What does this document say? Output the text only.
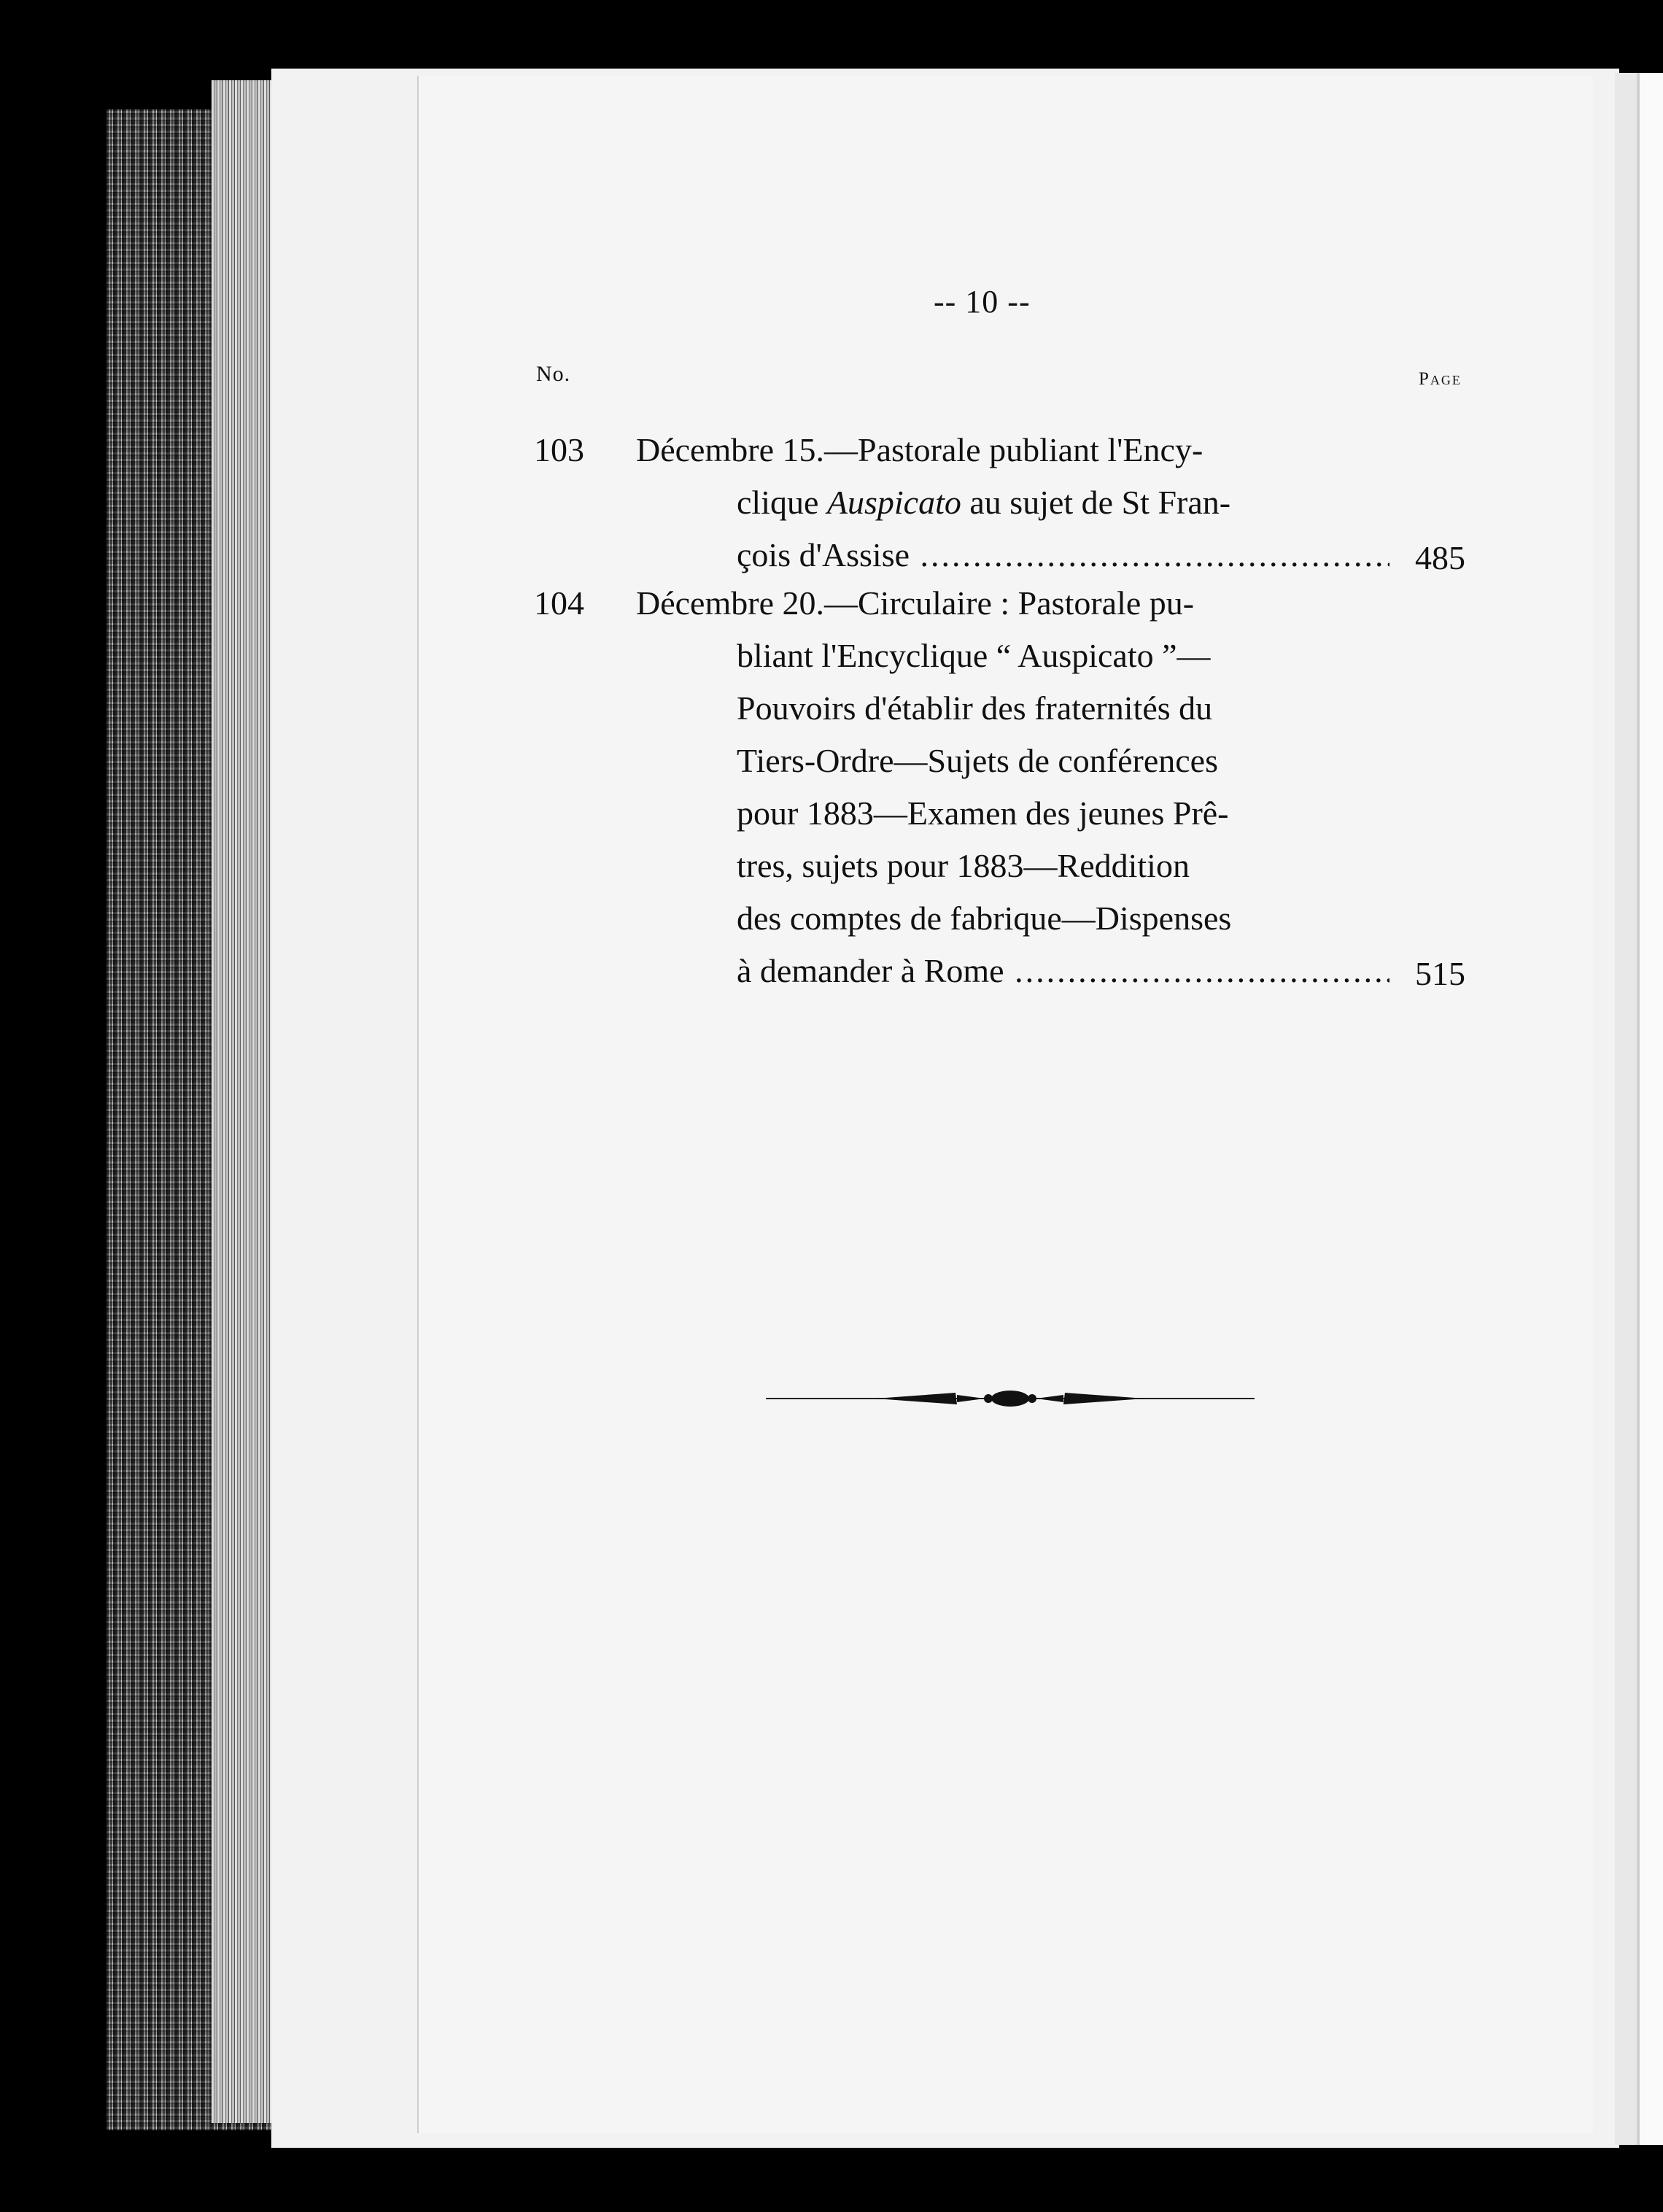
-- 10 --
No.	Page
103 Décembre 15.—Pastorale publiant l'Ency-
clique
Auspicato
au sujet de St Fran-
çois d'Assise .....	485
104 Décembre 20.—Circulaire : Pastorale pu-
bliant l'Encyclique “ Auspicato ”—
Pouvoirs d'établir des fraternités du
Tiers-Ordre—Sujets de conférences
pour 1883—Examen des jeunes Prê-
tres, sujets pour 1883—Reddition
des comptes de fabrique—Dispenses
à demander à Rome .....	515
